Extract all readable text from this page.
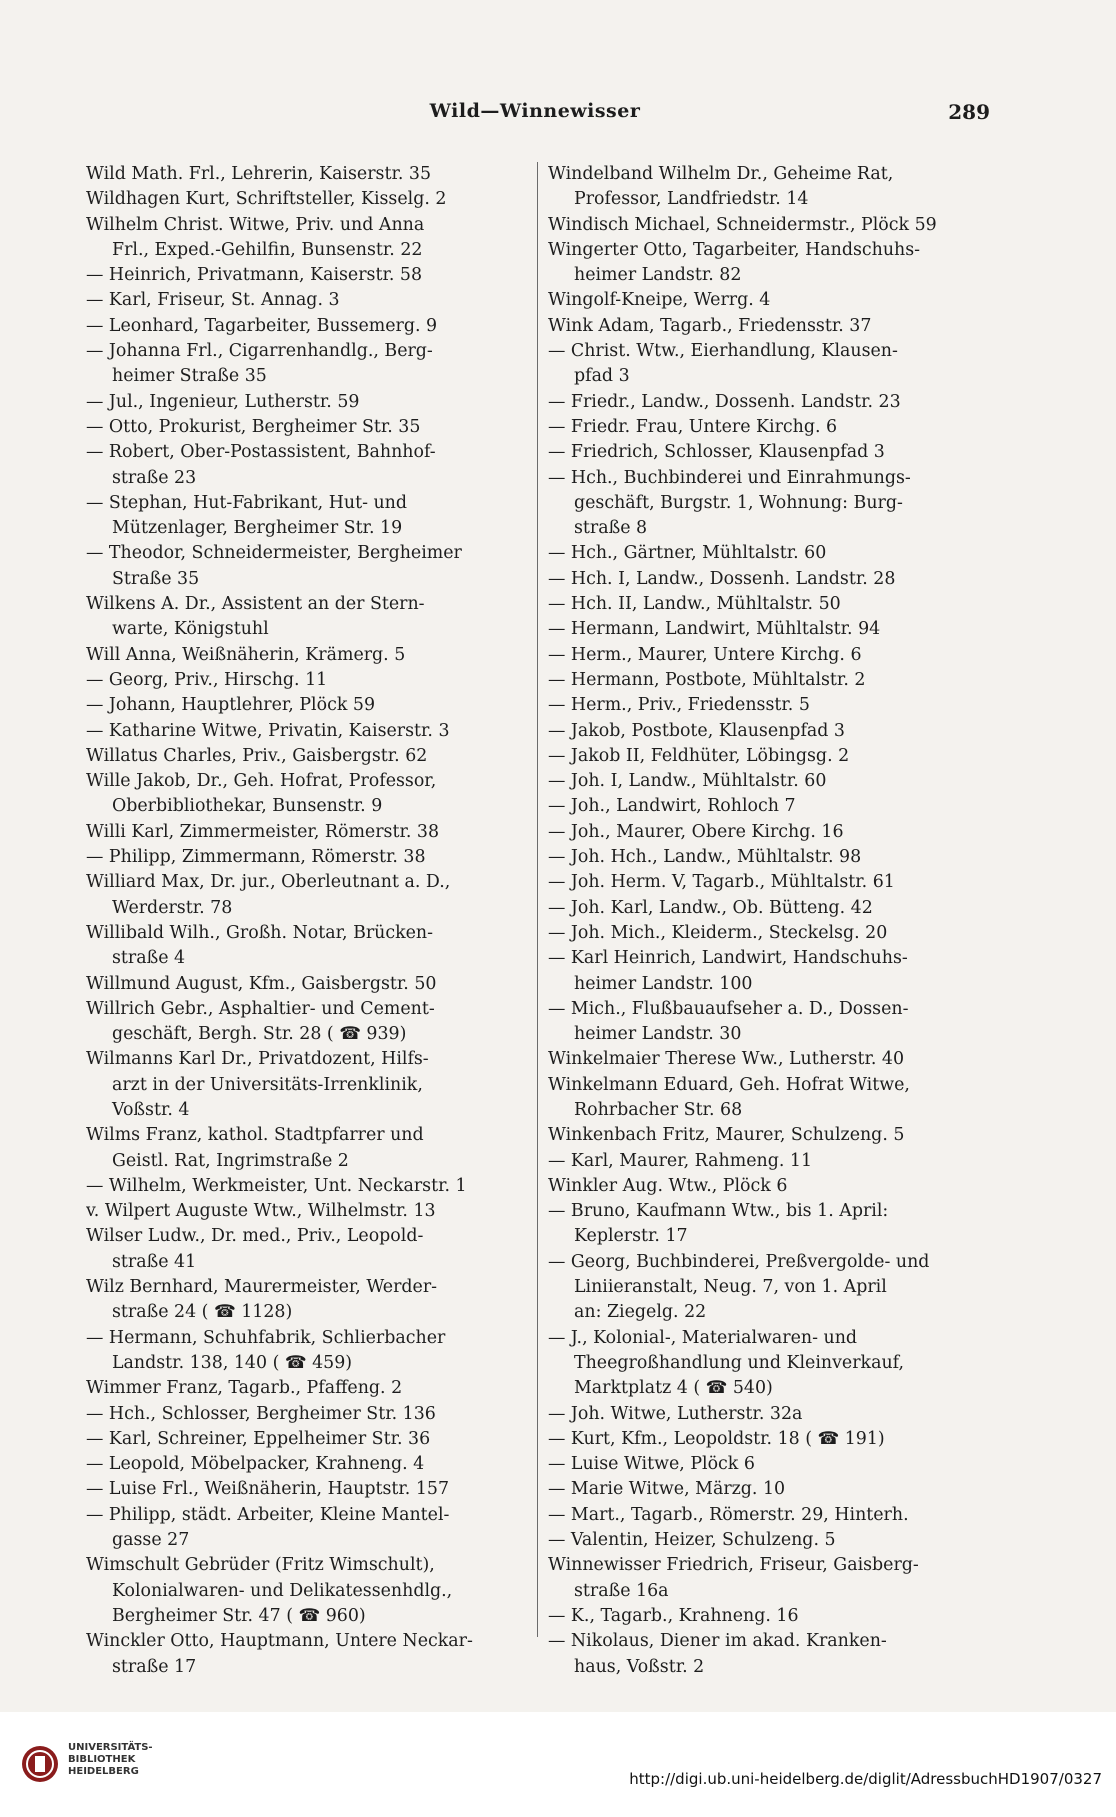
Wild—Winnewisser	289
Wild Math. Frl., Lehrerin, Kaiserstr. 35
Wildhagen Kurt, Schriftsteller, Kisselg. 2
Wilhelm Christ. Witwe, Priv. und Anna
Frl., Exped.-Gehilfin, Bunsenstr. 22
— Heinrich, Privatmann, Kaiserstr. 58
— Karl, Friseur, St. Annag. 3
— Leonhard, Tagarbeiter, Bussemerg. 9
— Johanna Frl., Cigarrenhandlg., Berg-
heimer Straße 35
— Jul., Ingenieur, Lutherstr. 59
— Otto, Prokurist, Bergheimer Str. 35
— Robert, Ober-Postassistent, Bahnhof-
straße 23
— Stephan, Hut-Fabrikant, Hut- und
Mützenlager, Bergheimer Str. 19
— Theodor, Schneidermeister, Bergheimer
Straße 35
Wilkens A. Dr., Assistent an der Stern-
warte, Königstuhl
Will Anna, Weißnäherin, Krämerg. 5
— Georg, Priv., Hirschg. 11
— Johann, Hauptlehrer, Plöck 59
— Katharine Witwe, Privatin, Kaiserstr. 3
Willatus Charles, Priv., Gaisbergstr. 62
Wille Jakob, Dr., Geh. Hofrat, Professor,
Oberbibliothekar, Bunsenstr. 9
Willi Karl, Zimmermeister, Römerstr. 38
— Philipp, Zimmermann, Römerstr. 38
Williard Max, Dr. jur., Oberleutnant a. D.,
Werderstr. 78
Willibald Wilh., Großh. Notar, Brücken-
straße 4
Willmund August, Kfm., Gaisbergstr. 50
Willrich Gebr., Asphaltier- und Cement-
geschäft, Bergh. Str. 28 ( ☎ 939)
Wilmanns Karl Dr., Privatdozent, Hilfs-
arzt in der Universitäts-Irrenklinik,
Voßstr. 4
Wilms Franz, kathol. Stadtpfarrer und
Geistl. Rat, Ingrimstraße 2
— Wilhelm, Werkmeister, Unt. Neckarstr. 1
v. Wilpert Auguste Wtw., Wilhelmstr. 13
Wilser Ludw., Dr. med., Priv., Leopold-
straße 41
Wilz Bernhard, Maurermeister, Werder-
straße 24 ( ☎ 1128)
— Hermann, Schuhfabrik, Schlierbacher
Landstr. 138, 140 ( ☎ 459)
Wimmer Franz, Tagarb., Pfaffeng. 2
— Hch., Schlosser, Bergheimer Str. 136
— Karl, Schreiner, Eppelheimer Str. 36
— Leopold, Möbelpacker, Krahneng. 4
— Luise Frl., Weißnäherin, Hauptstr. 157
— Philipp, städt. Arbeiter, Kleine Mantel-
gasse 27
Wimschult Gebrüder (Fritz Wimschult),
Kolonialwaren- und Delikatessenhdlg.,
Bergheimer Str. 47 ( ☎ 960)
Winckler Otto, Hauptmann, Untere Neckar-
straße 17
Windelband Wilhelm Dr., Geheime Rat,
Professor, Landfriedstr. 14
Windisch Michael, Schneidermstr., Plöck 59
Wingerter Otto, Tagarbeiter, Handschuhs-
heimer Landstr. 82
Wingolf-Kneipe, Werrg. 4
Wink Adam, Tagarb., Friedensstr. 37
— Christ. Wtw., Eierhandlung, Klausen-
pfad 3
— Friedr., Landw., Dossenh. Landstr. 23
— Friedr. Frau, Untere Kirchg. 6
— Friedrich, Schlosser, Klausenpfad 3
— Hch., Buchbinderei und Einrahmungs-
geschäft, Burgstr. 1, Wohnung: Burg-
straße 8
— Hch., Gärtner, Mühltalstr. 60
— Hch. I, Landw., Dossenh. Landstr. 28
— Hch. II, Landw., Mühltalstr. 50
— Hermann, Landwirt, Mühltalstr. 94
— Herm., Maurer, Untere Kirchg. 6
— Hermann, Postbote, Mühltalstr. 2
— Herm., Priv., Friedensstr. 5
— Jakob, Postbote, Klausenpfad 3
— Jakob II, Feldhüter, Löbingsg. 2
— Joh. I, Landw., Mühltalstr. 60
— Joh., Landwirt, Rohloch 7
— Joh., Maurer, Obere Kirchg. 16
— Joh. Hch., Landw., Mühltalstr. 98
— Joh. Herm. V, Tagarb., Mühltalstr. 61
— Joh. Karl, Landw., Ob. Bütteng. 42
— Joh. Mich., Kleiderm., Steckelsg. 20
— Karl Heinrich, Landwirt, Handschuhs-
heimer Landstr. 100
— Mich., Flußbauaufseher a. D., Dossen-
heimer Landstr. 30
Winkelmaier Therese Ww., Lutherstr. 40
Winkelmann Eduard, Geh. Hofrat Witwe,
Rohrbacher Str. 68
Winkenbach Fritz, Maurer, Schulzeng. 5
— Karl, Maurer, Rahmeng. 11
Winkler Aug. Wtw., Plöck 6
— Bruno, Kaufmann Wtw., bis 1. April:
Keplerstr. 17
— Georg, Buchbinderei, Preßvergolde- und
Liniieranstalt, Neug. 7, von 1. April
an: Ziegelg. 22
— J., Kolonial-, Materialwaren- und
Theegroßhandlung und Kleinverkauf,
Marktplatz 4 ( ☎ 540)
— Joh. Witwe, Lutherstr. 32a
— Kurt, Kfm., Leopoldstr. 18 ( ☎ 191)
— Luise Witwe, Plöck 6
— Marie Witwe, Märzg. 10
— Mart., Tagarb., Römerstr. 29, Hinterh.
— Valentin, Heizer, Schulzeng. 5
Winnewisser Friedrich, Friseur, Gaisberg-
straße 16a
— K., Tagarb., Krahneng. 16
— Nikolaus, Diener im akad. Kranken-
haus, Voßstr. 2
UNIVERSITÄTS-
BIBLIOTHEK
HEIDELBERG	http://digi.ub.uni-heidelberg.de/diglit/AdressbuchHD1907/0327
